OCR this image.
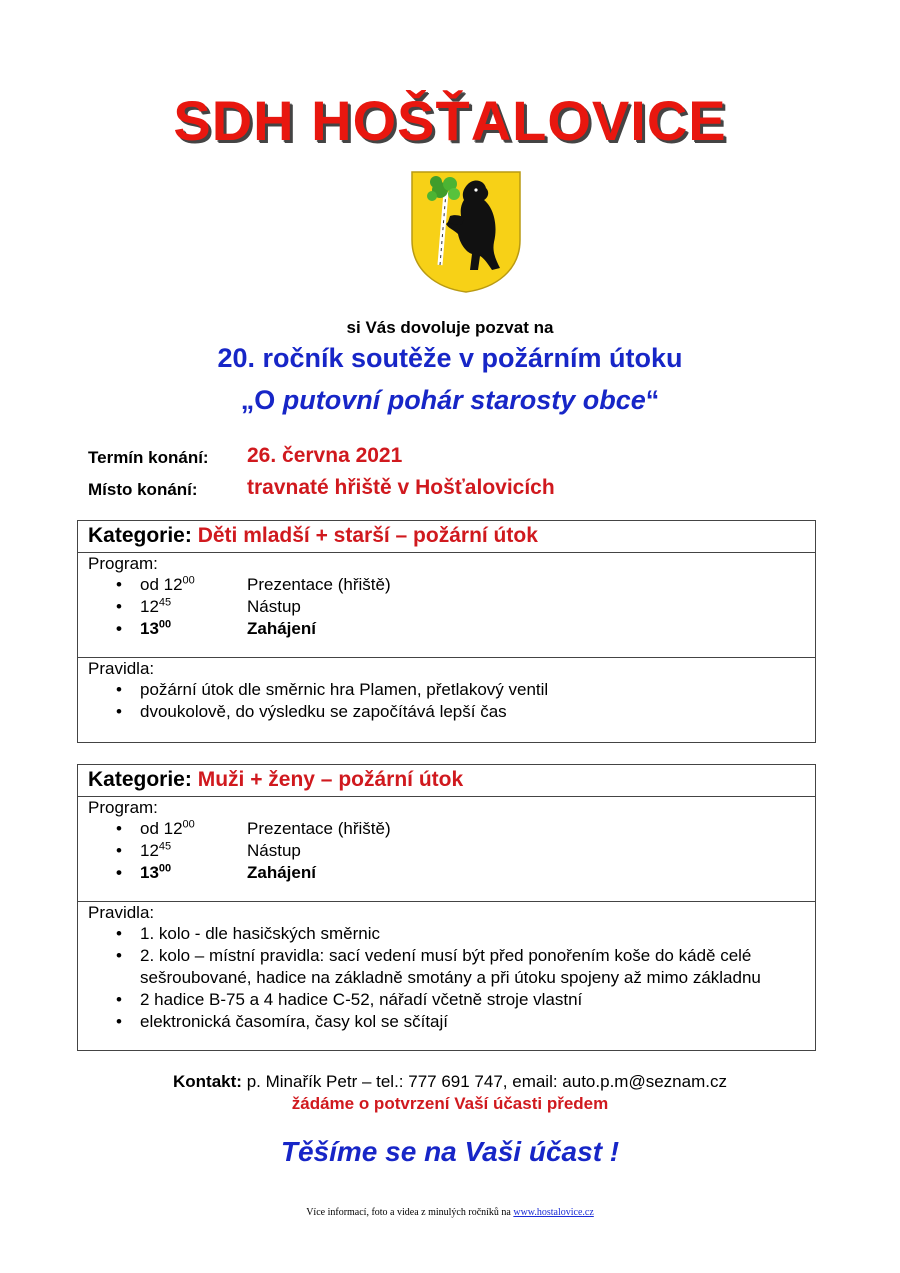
SDH HOŠŤALOVICE
si Vás dovoluje pozvat na
20. ročník soutěže v požárním útoku
„O putovní pohár starosty obce“
Termín konání: 26. června 2021
Místo konání: travnaté hřiště v Hošťalovicích
Kategorie: Děti mladší + starší – požární útok
Program:
• od $12^{00}$	Prezentace (hřiště)
• $12^{45}$	Nástup
• $13^{00}$	Zahájení
Pravidla:
• požární útok dle směrnic hra Plamen, přetlakový ventil
• dvoukolově, do výsledku se započítává lepší čas
Kategorie: Muži + ženy – požární útok
Program:
• od $12^{00}$	Prezentace (hřiště)
• $12^{45}$	Nástup
• $13^{00}$	Zahájení
Pravidla:
• 1. kolo - dle hasičských směrnic
• 2. kolo – místní pravidla: sací vedení musí být před ponořením koše do kádě celé sešroubované, hadice na základně smotány a při útoku spojeny až mimo základnu
• 2 hadice B-75 a 4 hadice C-52, nářadí včetně stroje vlastní
• elektronická časomíra, časy kol se sčítají
Kontakt: p. Minařík Petr – tel.: 777 691 747, email: auto.p.m@seznam.cz
žádáme o potvrzení Vaší účasti předem
Těšíme se na Vaši účast !
Více informací, foto a videa z minulých ročníků na www.hostalovice.cz
